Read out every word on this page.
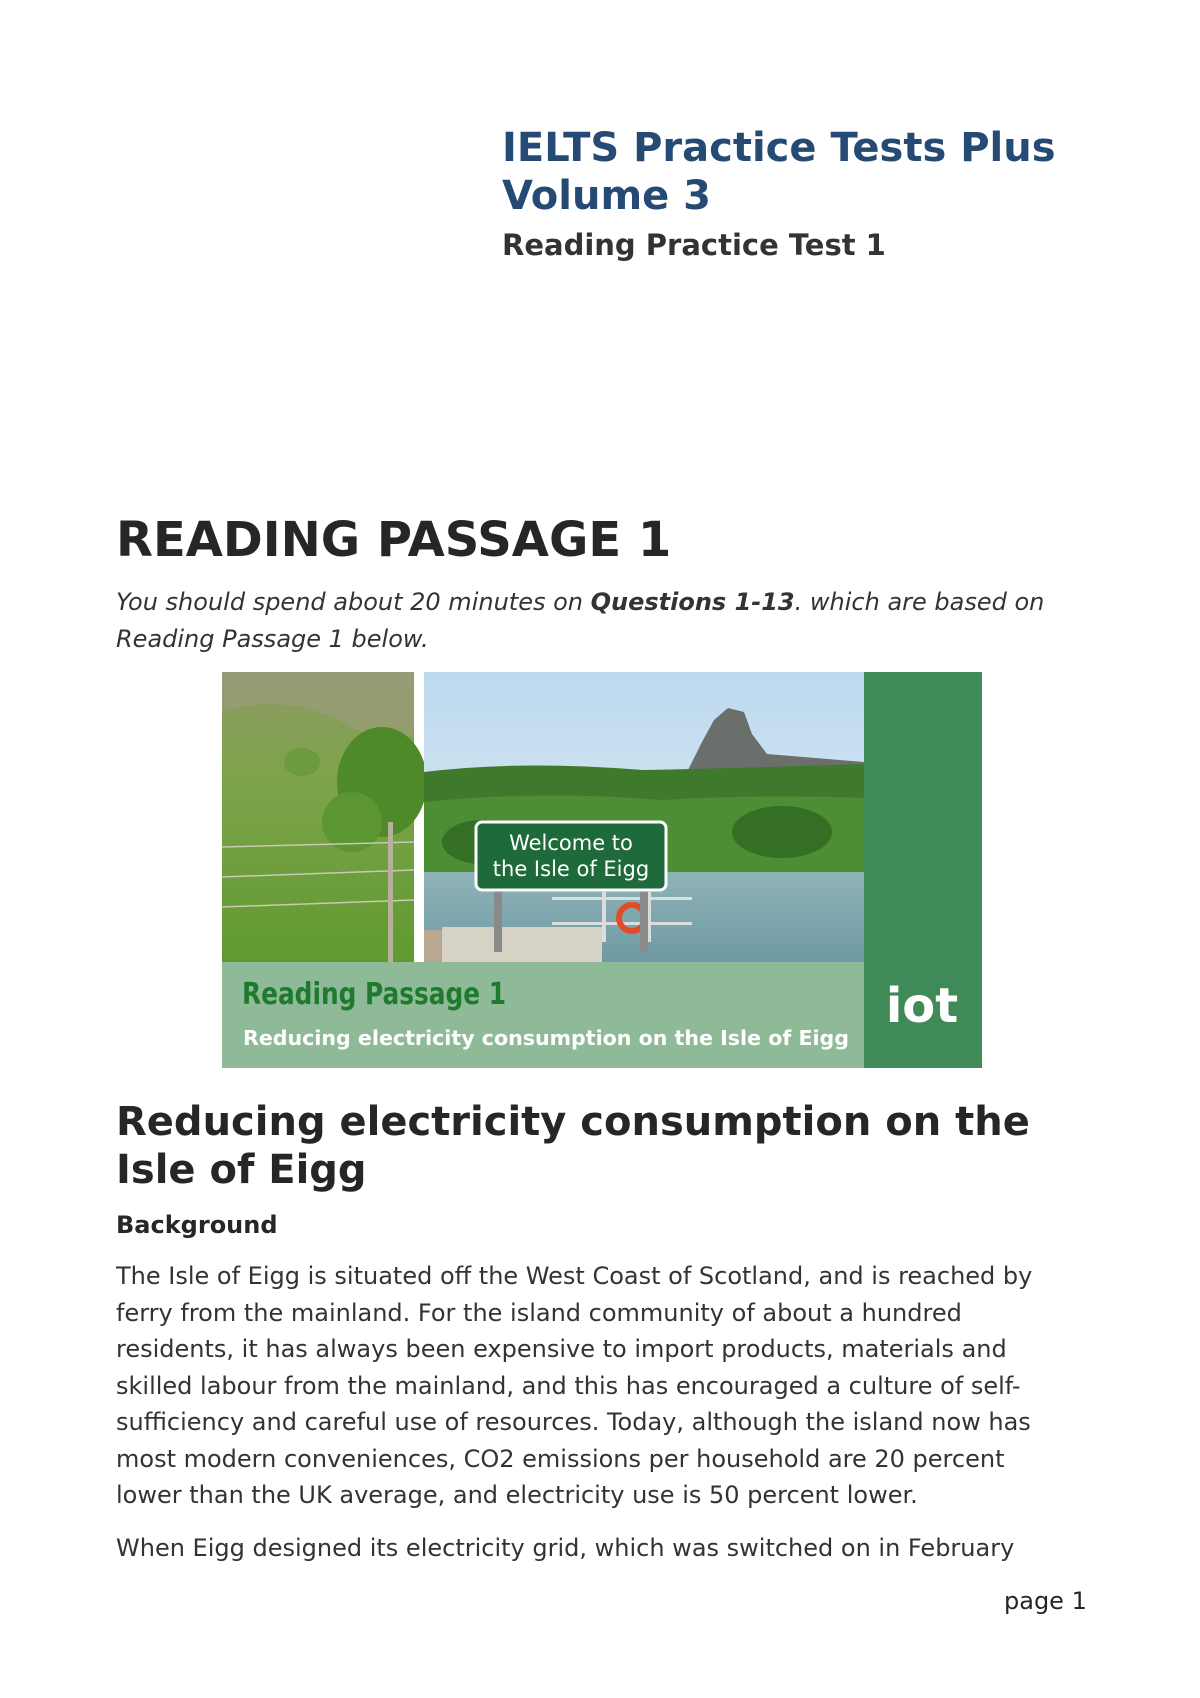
IELTS Practice Tests Plus Volume 3
Reading Practice Test 1
READING PASSAGE 1

You should spend about 20 minutes on Questions 1-13. which are based on Reading Passage 1 below.

Welcome to
the Isle of Eigg
Reading Passage 1
Reducing electricity consumption on the Isle of Eigg
iot
Reducing electricity consumption on the Isle of Eigg
Background

The Isle of Eigg is situated off the West Coast of Scotland, and is reached by ferry from the mainland. For the island community of about a hundred residents, it has always been expensive to import products, materials and skilled labour from the mainland, and this has encouraged a culture of self-sufficiency and careful use of resources. Today, although the island now has most modern conveniences, CO2 emissions per household are 20 percent lower than the UK average, and electricity use is 50 percent lower.

When Eigg designed its electricity grid, which was switched on in February

page 1
